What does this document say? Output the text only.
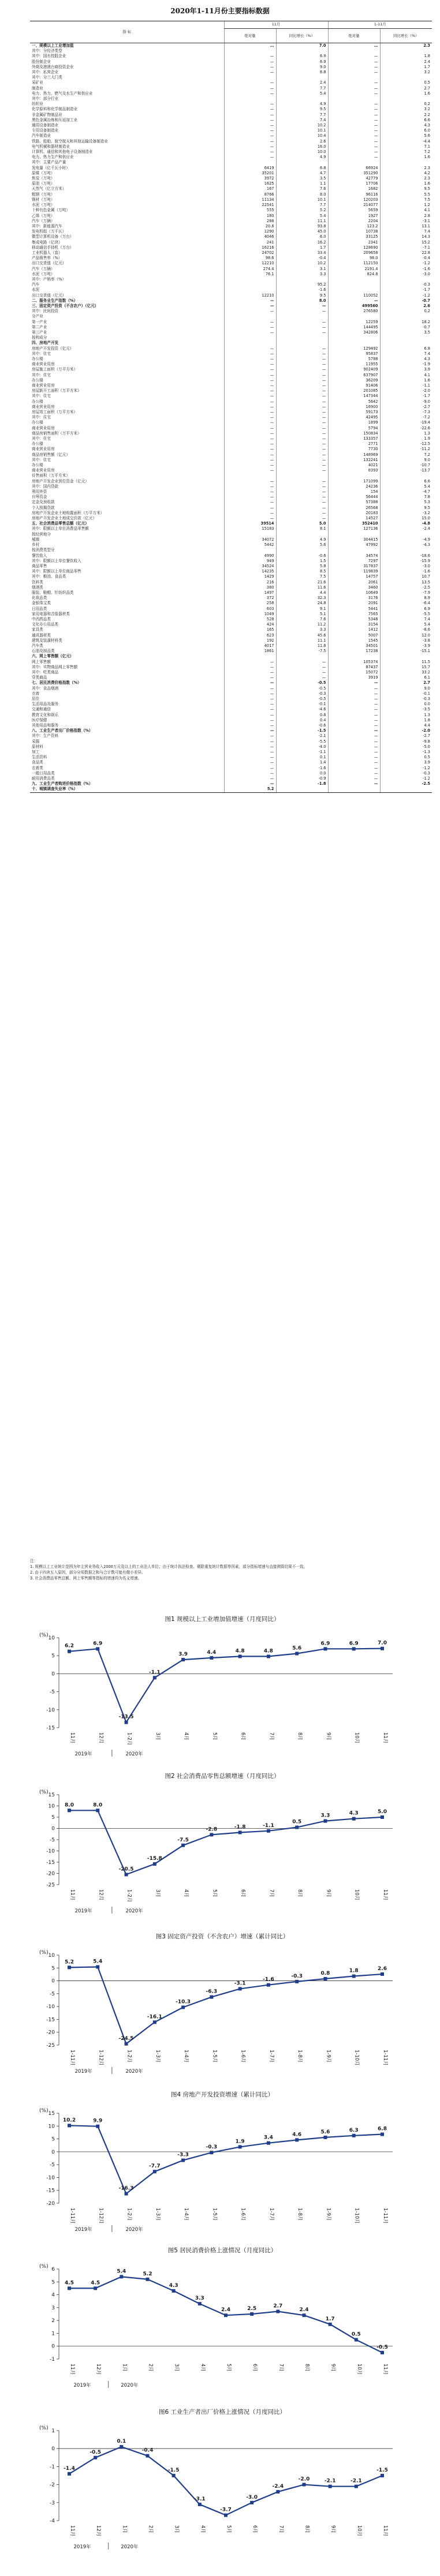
2020年1-11月份主要指标数据
指 标	11月		1-11月	
	绝对量	同比增长（%）	绝对量	同比增长（%）
一、规模以上工业增加值	…	7.0	…	2.3
其中：分经济类型				
其中：国有控股企业	—	6.9	—	1.8
股份制企业	—	6.9	—	2.4
外商及港澳台商投资企业	—	9.0	—	1.7
其中：私营企业	—	6.8	—	3.2
其中：分三大门类				
采矿业	—	2.4	—	0.5
制造业	—	7.7	—	2.7
电力、热力、燃气及水生产和供应业	—	5.4	—	1.6
其中：部分行业				
纺织业	—	4.9	—	0.2
化学原料和化学制品制造业	—	9.5	—	3.2
非金属矿物制品业	—	7.7	—	2.2
黑色金属冶炼和压延加工业	—	7.4	—	6.6
通用设备制造业	—	10.2	—	4.3
专用设备制造业	—	10.1	—	6.0
汽车制造业	—	10.4	—	5.6
铁路、船舶、航空航天和其他运输设备制造业	—	2.6	—	-4.4
电气机械和器材制造业	—	16.0	—	7.1
计算机、通信和其他电子设备制造业	—	10.0	—	7.2
电力、热力生产和供应业	—	4.9	—	1.6
其中：主要产品产量				
发电量（亿千瓦小时）	6419	6.8	66924	2.3
原煤（万吨）	35201	4.7	351290	4.2
焦炭（万吨）	3972	3.5	42779	2.3
原油（万吨）	1625	1.1	17706	1.6
天然气（亿立方米）	167	7.6	1682	9.5
粗钢（万吨）	8766	8.0	96116	5.5
钢材（万吨）	11134	10.1	120203	7.5
水泥（万吨）	22541	7.7	214077	1.2
十种有色金属（万吨）	555	5.2	5659	4.1
乙烯（万吨）	180	5.4	1927	2.8
汽车（万辆）	288	11.1	2204	-3.1
其中：新能源汽车	20.8	93.8	123.2	13.1
发电机组（万千瓦）	1290	45.0	10738	7.4
微型计算机设备（万台）	4046	6.0	33125	14.3
集成电路（亿块）	241	16.2	2341	15.2
移动通信手持机（万台）	16216	1.7	128690	-7.1
工业机器人（套）	24702	33.4	209658	22.8
产品销售率（%）	98.6	-0.4	98.0	-0.4
出口交货值（亿元）	12210	10.2	112150	-1.2
汽车（万辆）	274.4	3.1	2191.4	-1.6
水泥（万吨）	76.1	3.3	824.8	-3.0
其中：产销率（%）				
汽车		95.2		-0.3
水泥		-1.6		-1.7
出口交货值（亿元）	12210	9.5	110052	-1.2
二、服务业生产指数（%）	—	8.0	—	-0.7
三、固定资产投资（不含农户）（亿元）	—	—	499560	2.6
其中：民间投资	—	—	276580	0.2
分产业				
第一产业	—	—	12259	18.2
第二产业	—	—	144495	-0.7
第三产业	—	—	342806	3.5
按构成分				
四、房地产开发				
房地产开发投资（亿元）	—	—	129492	6.8
其中：住宅	—	—	95837	7.4
办公楼	—	—	5788	4.3
商业营业用房	—	—	11955	-1.9
房屋施工面积（万平方米）	—	—	902409	3.9
其中：住宅	—	—	637907	4.1
办公楼	—	—	36209	1.6
商业营业用房	—	—	91406	-1.1
房屋新开工面积（万平方米）	—	—	201085	-2.0
其中：住宅	—	—	147344	-1.7
办公楼	—	—	5642	-9.0
商业营业用房	—	—	16900	-2.7
房屋竣工面积（万平方米）	—	—	59173	-7.3
其中：住宅	—	—	42495	-7.2
办公楼	—	—	1899	-19.4
商业营业用房	—	—	5794	-22.6
商品房销售面积（万平方米）	—	—	150834	1.3
其中：住宅	—	—	133357	1.9
办公楼	—	—	2771	-12.5
商业营业用房	—	—	7730	-11.2
商品房销售额（亿元）	—	—	148969	7.2
其中：住宅	—	—	132241	9.0
办公楼	—	—	4021	-10.7
商业营业用房	—	—	8393	-13.7
待售面积（万平方米）				
房地产开发企业到位资金（亿元）	—	—	171099	6.6
其中：国内贷款	—	—	24236	5.4
利用外资	—	—	154	-4.7
自筹资金	—	—	56444	7.8
定金及预收款	—	—	57388	5.3
个人按揭贷款	—	—	26568	9.5
房地产开发企业土地购置面积（万平方米）	—	—	20183	-3.2
房地产开发企业土地成交价款（亿元）	—	—	14527	15.0
五、社会消费品零售总额（亿元）	39514	5.0	352410	-4.8
其中：限额以上单位消费品零售额	15183	8.1	127136	-2.4
按经营地分				
城镇	34072	4.9	304415	-4.9
乡村	5442	5.6	47992	-4.3
按消费类型分				
餐饮收入	4990	-0.6	34574	-18.6
其中：限额以上单位餐饮收入	949	1.5	7297	-15.9
商品零售	34524	5.8	317837	-3.0
其中：限额以上单位商品零售	14235	8.5	119839	-1.6
其中：粮油、食品类	1429	7.5	14757	10.7
饮料类	216	21.6	2061	13.5
烟酒类	380	11.6	3460	-2.5
服装、鞋帽、针纺织品类	1497	4.4	10649	-7.9
化妆品类	372	32.3	3176	8.9
金银珠宝类	258	24.8	2091	-6.4
日用品类	603	9.1	5441	6.9
家用电器和音像器材类	1049	5.1	7565	-5.5
中西药品类	528	7.6	5348	7.4
文化办公用品类	424	11.2	3154	5.4
家具类	165	3.3	1412	-8.6
通讯器材类	623	45.6	5007	12.0
建筑及装潢材料类	192	11.1	1545	-3.8
汽车类	4017	11.8	34501	-3.9
石油及制品类	1861	-7.5	17238	-15.1
六、网上零售额（亿元）				
网上零售额	—	—	105374	11.5
其中：实物商品网上零售额	—	—	87437	15.7
其中：吃类商品	—	—	15072	33.2
穿类商品	—	—	3919	6.1
七、居民消费价格指数（%）	—	-0.5	—	2.7
其中：食品烟酒	—	-0.5	—	9.0
衣着	—	-0.3	—	-0.1
居住	—	-0.5	—	-0.3
生活用品及服务	—	-0.1	—	0.0
交通和通信	—	-4.6	—	-3.5
教育文化和娱乐	—	0.8	—	1.3
医疗保健	—	0.4	—	1.8
其他用品和服务	—	-0.6	—	4.4
八、工业生产者出厂价格指数（%）	—	-1.5	—	-2.0
其中：生产资料	—	-2.1	—	-2.7
采掘	—	-5.5	—	-9.8
原材料	—	-4.0	—	-5.0
加工	—	-1.1	—	-1.3
生活资料	—	0.1	—	0.5
食品类	—	1.4	—	3.9
衣着类	—	-1.6	—	-1.2
一般日用品类	—	0.0	—	-0.3
耐用消费品类	—	-0.9	—	-1.2
九、工业生产者购进价格指数（%）	—	-1.8	—	-2.5
十、城镇调查失业率（%）	5.2			
注：
1. 规模以上工业统计范围为年主营业务收入2000万元及以上的工业法人单位；由于统计执法检查、剔除重复统计数据等因素，部分指标增速与直接测算结果不一致。
2. 由于四舍五入原因，部分分项数据之和与合计数可能有微小差异。
3. 社会消费品零售总额、网上零售额等指标的增速均为名义增速。
图1 规模以上工业增加值增速（月度同比）
(%) 10
5
0
-5
-10
-15
6.2
11月
6.9
12月
-13.5
1-2月
-1.1
3月
3.9
4月
4.4
5月
4.8
6月
4.8
7月
5.6
8月
6.9
9月
6.9
10月
7.0
11月
2019年	2020年
图2 社会消费品零售总额增速（月度同比）
(%) 15
10
5
0
-5
-10
-15
-20
-25
8.0
11月
8.0
12月
-20.5
1-2月
-15.8
3月
-7.5
4月
-2.8
5月
-1.8
6月
-1.1
7月
0.5
8月
3.3
9月
4.3
10月
5.0
11月
2019年	2020年
图3 固定资产投资（不含农户）增速（累计同比）
(%) 10
5
0
-5
-10
-15
-20
-25
5.2
1-11月
5.4
1-12月
-24.5
1-2月
-16.1
1-3月
-10.3
1-4月
-6.3
1-5月
-3.1
1-6月
-1.6
1-7月
-0.3
1-8月
0.8
1-9月
1.8
1-10月
2.6
1-11月
2019年	2020年
图4 房地产开发投资增速（累计同比）
(%) 15
10
5
0
-5
-10
-15
-20
10.2
1-11月
9.9
1-12月
-16.3
1-2月
-7.7
1-3月
-3.3
1-4月
-0.3
1-5月
1.9
1-6月
3.4
1-7月
4.6
1-8月
5.6
1-9月
6.3
1-10月
6.8
1-11月
2019年	2020年
图5 居民消费价格上涨情况（月度同比）
(%) 6
5
4
3
2
1
0
-1
4.5
11月
4.5
12月
5.4
1月
5.2
2月
4.3
3月
3.3
4月
2.4
5月
2.5
6月
2.7
7月
2.4
8月
1.7
9月
0.5
10月
-0.5
11月
2019年	2020年
图6 工业生产者出厂价格上涨情况（月度同比）
(%) 1
0
-1
-2
-3
-4
-1.4
11月
-0.5
12月
0.1
1月
-0.4
2月
-1.5
3月
-3.1
4月
-3.7
5月
-3.0
6月
-2.4
7月
-2.0
8月
-2.1
9月
-2.1
10月
-1.5
11月
2019年	2020年
